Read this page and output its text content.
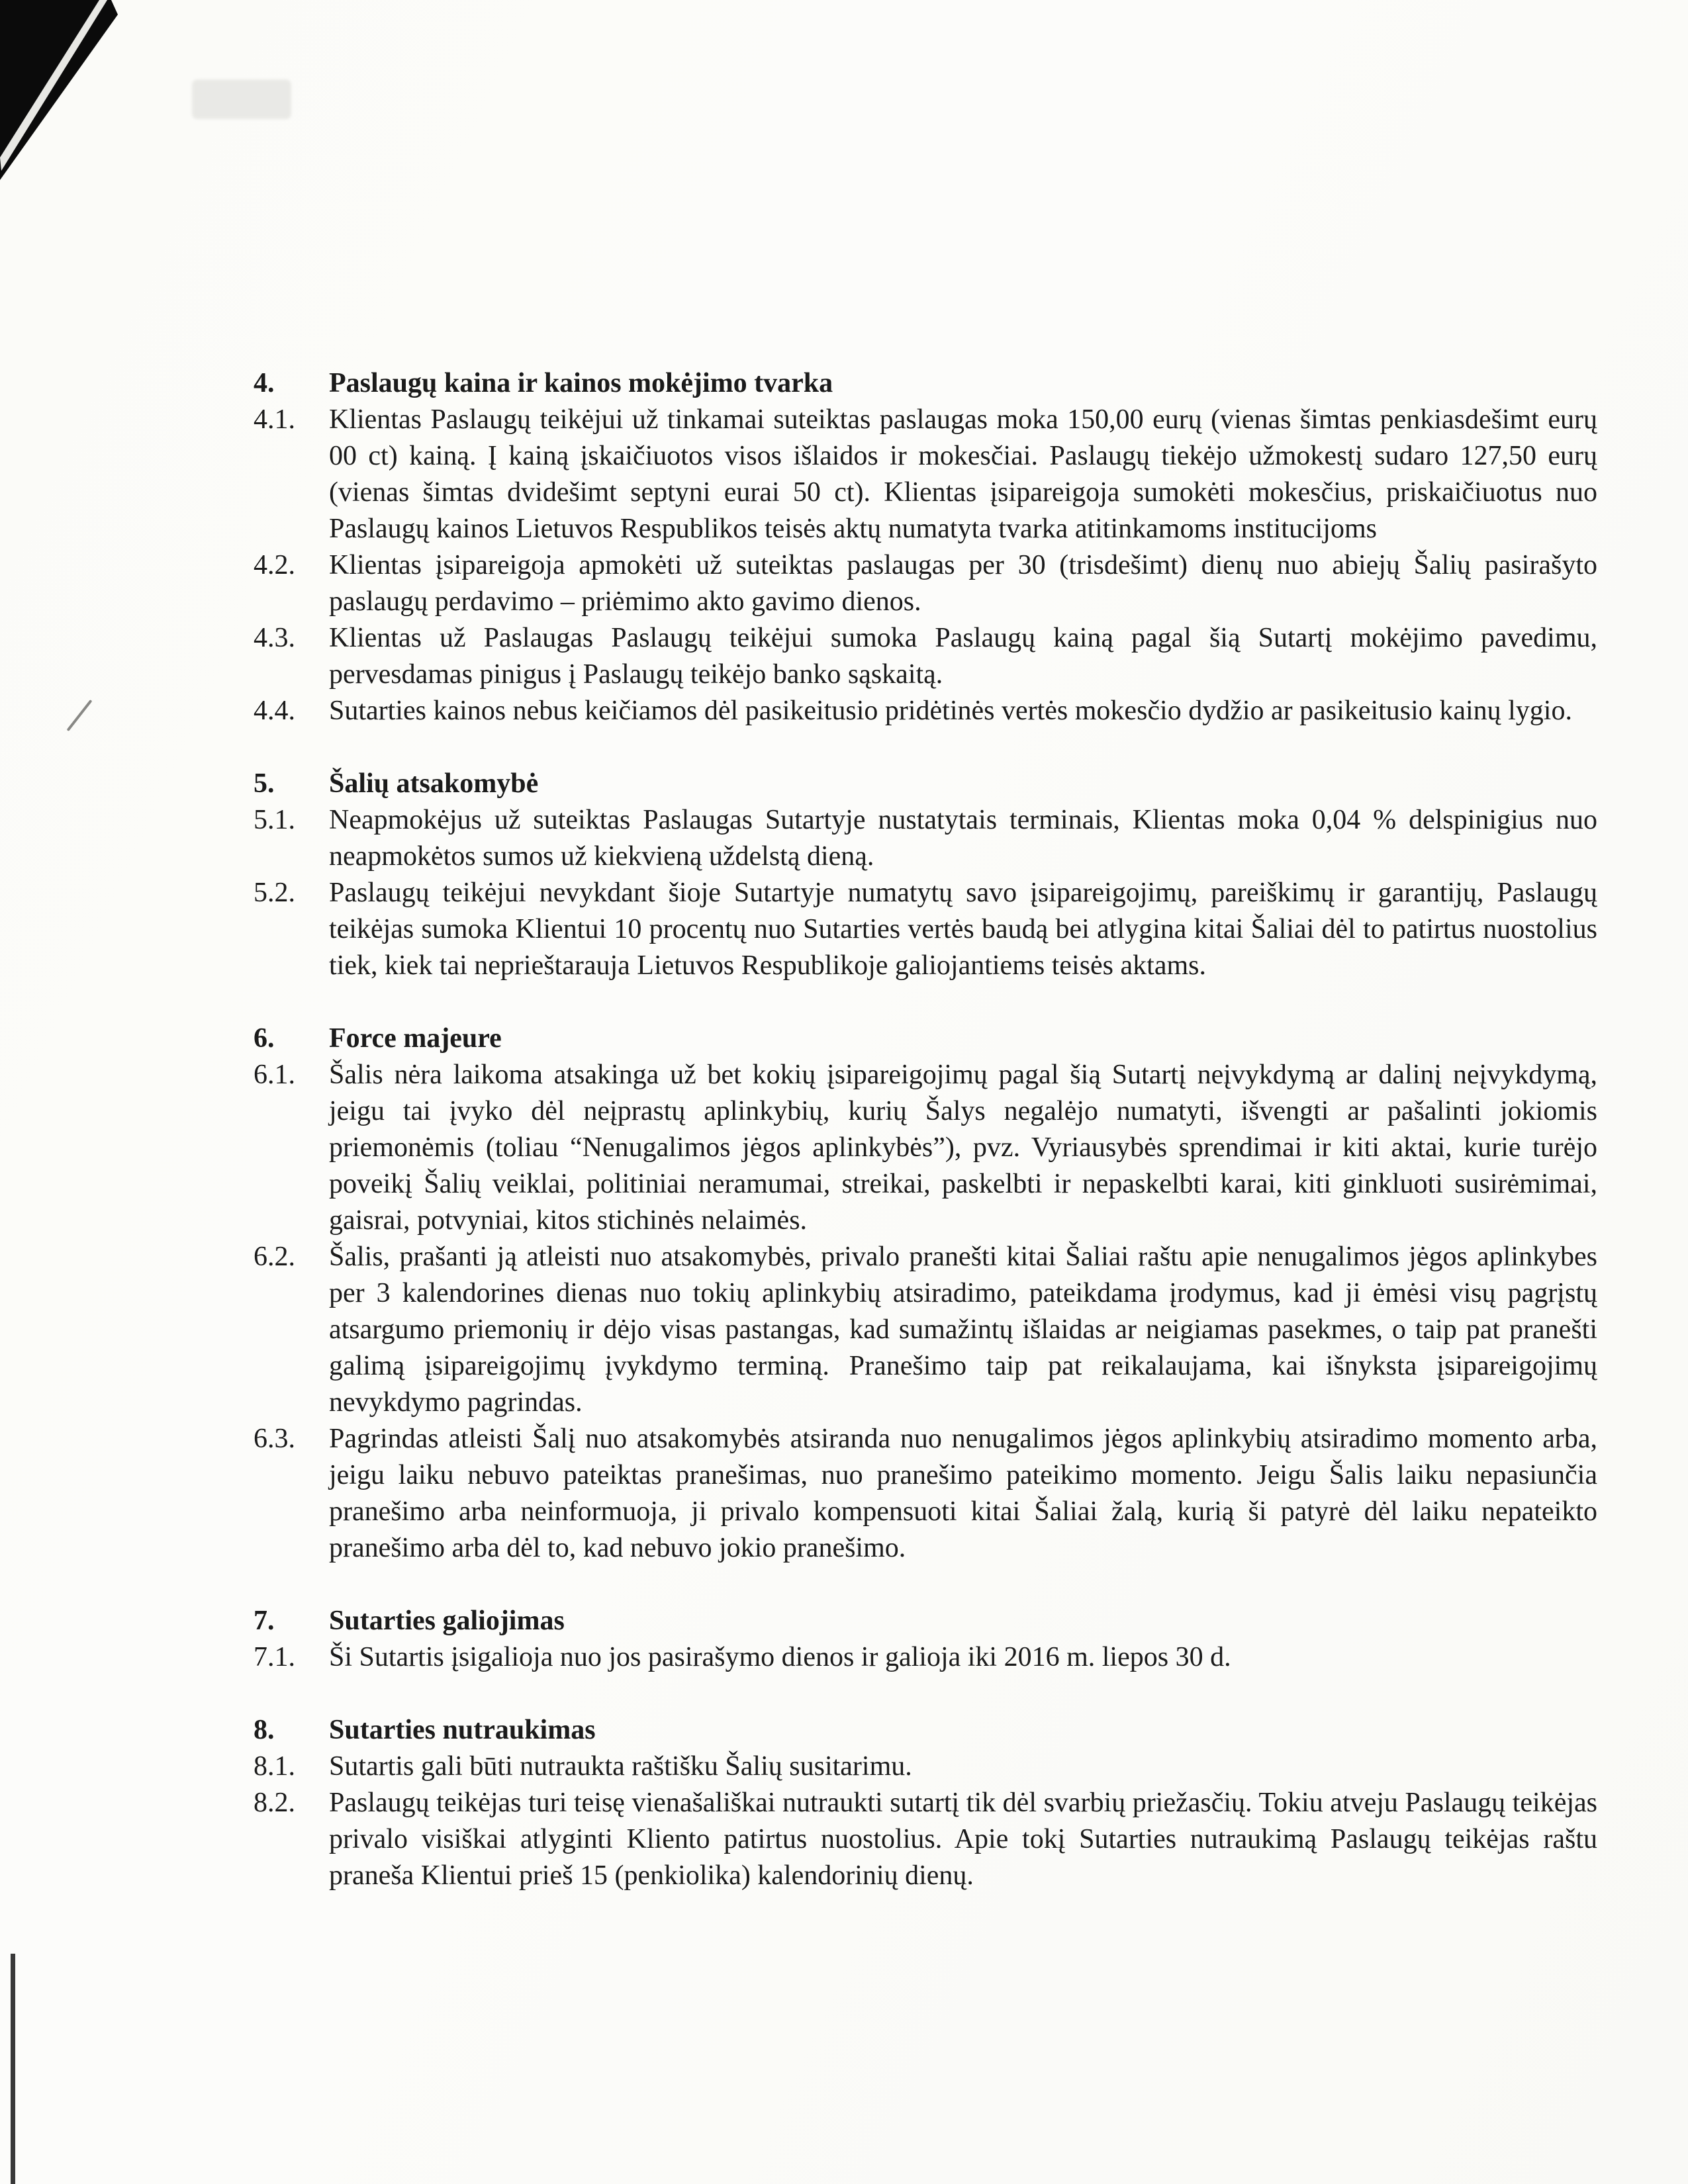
4.	Paslaugų kaina ir kainos mokėjimo tvarka
4.1.	Klientas Paslaugų teikėjui už tinkamai suteiktas paslaugas moka 150,00 eurų (vienas šimtas penkiasdešimt eurų 00 ct) kainą. Į kainą įskaičiuotos visos išlaidos ir mokesčiai. Paslaugų tiekėjo užmokestį sudaro 127,50 eurų (vienas šimtas dvidešimt septyni eurai 50 ct). Klientas įsipareigoja sumokėti mokesčius, priskaičiuotus nuo Paslaugų kainos Lietuvos Respublikos teisės aktų numatyta tvarka atitinkamoms institucijoms
4.2.	Klientas įsipareigoja apmokėti už suteiktas paslaugas per 30 (trisdešimt) dienų nuo abiejų Šalių pasirašyto paslaugų perdavimo – priėmimo akto gavimo dienos.
4.3.	Klientas už Paslaugas Paslaugų teikėjui sumoka Paslaugų kainą pagal šią Sutartį mokėjimo pavedimu, pervesdamas pinigus į Paslaugų teikėjo banko sąskaitą.
4.4.	Sutarties kainos nebus keičiamos dėl pasikeitusio pridėtinės vertės mokesčio dydžio ar pasikeitusio kainų lygio.
5.	Šalių atsakomybė
5.1.	Neapmokėjus už suteiktas Paslaugas Sutartyje nustatytais terminais, Klientas moka 0,04 % delspinigius nuo neapmokėtos sumos už kiekvieną uždelstą dieną.
5.2.	Paslaugų teikėjui nevykdant šioje Sutartyje numatytų savo įsipareigojimų, pareiškimų ir garantijų, Paslaugų teikėjas sumoka Klientui 10 procentų nuo Sutarties vertės baudą bei atlygina kitai Šaliai dėl to patirtus nuostolius tiek, kiek tai neprieštarauja Lietuvos Respublikoje galiojantiems teisės aktams.
6.	Force majeure
6.1.	Šalis nėra laikoma atsakinga už bet kokių įsipareigojimų pagal šią Sutartį neįvykdymą ar dalinį neįvykdymą, jeigu tai įvyko dėl neįprastų aplinkybių, kurių Šalys negalėjo numatyti, išvengti ar pašalinti jokiomis priemonėmis (toliau “Nenugalimos jėgos aplinkybės”), pvz. Vyriausybės sprendimai ir kiti aktai, kurie turėjo poveikį Šalių veiklai, politiniai neramumai, streikai, paskelbti ir nepaskelbti karai, kiti ginkluoti susirėmimai, gaisrai, potvyniai, kitos stichinės nelaimės.
6.2.	Šalis, prašanti ją atleisti nuo atsakomybės, privalo pranešti kitai Šaliai raštu apie nenugalimos jėgos aplinkybes per 3 kalendorines dienas nuo tokių aplinkybių atsiradimo, pateikdama įrodymus, kad ji ėmėsi visų pagrįstų atsargumo priemonių ir dėjo visas pastangas, kad sumažintų išlaidas ar neigiamas pasekmes, o taip pat pranešti galimą įsipareigojimų įvykdymo terminą. Pranešimo taip pat reikalaujama, kai išnyksta įsipareigojimų nevykdymo pagrindas.
6.3.	Pagrindas atleisti Šalį nuo atsakomybės atsiranda nuo nenugalimos jėgos aplinkybių atsiradimo momento arba, jeigu laiku nebuvo pateiktas pranešimas, nuo pranešimo pateikimo momento. Jeigu Šalis laiku nepasiunčia pranešimo arba neinformuoja, ji privalo kompensuoti kitai Šaliai žalą, kurią ši patyrė dėl laiku nepateikto pranešimo arba dėl to, kad nebuvo jokio pranešimo.
7.	Sutarties galiojimas
7.1.	Ši Sutartis įsigalioja nuo jos pasirašymo dienos ir galioja iki 2016 m. liepos 30 d.
8.	Sutarties nutraukimas
8.1.	Sutartis gali būti nutraukta raštišku Šalių susitarimu.
8.2.	Paslaugų teikėjas turi teisę vienašališkai nutraukti sutartį tik dėl svarbių priežasčių. Tokiu atveju Paslaugų teikėjas privalo visiškai atlyginti Kliento patirtus nuostolius. Apie tokį Sutarties nutraukimą Paslaugų teikėjas raštu praneša Klientui prieš 15 (penkiolika) kalendorinių dienų.
